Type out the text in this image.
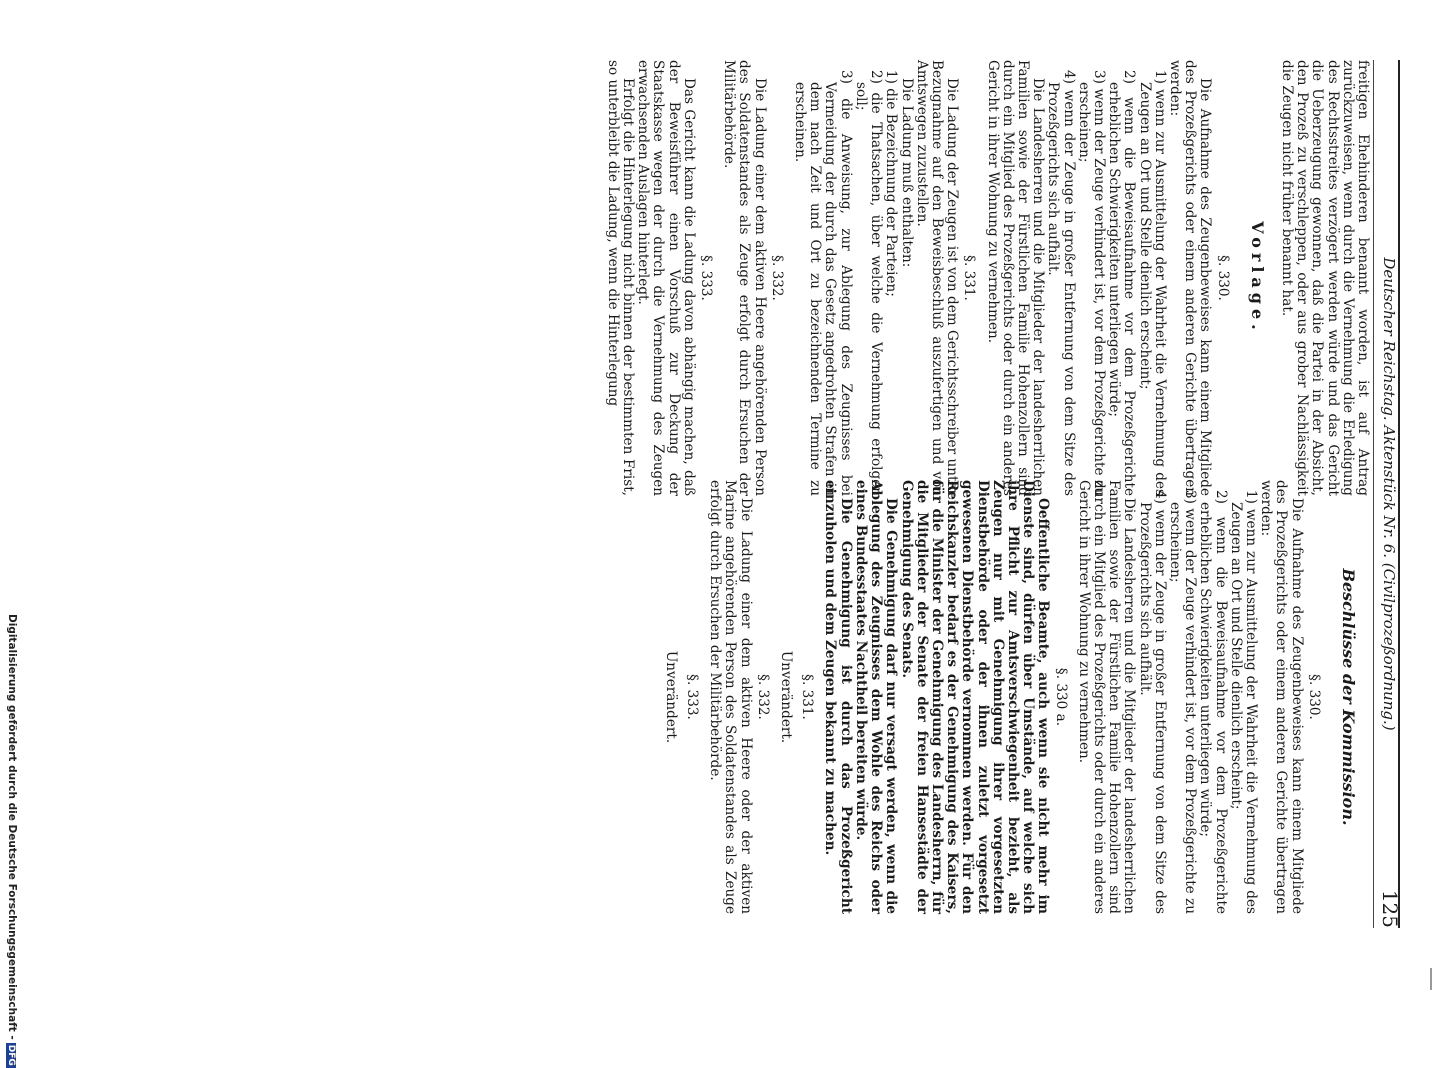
Deutscher Reichstag. Aktenstück Nr. 6. (Civilprozeßordnung.)
125

freitigen Ehehinderen benannt worden, ist auf Antrag zurückzuweisen, wenn durch die Vernehmung die Erledigung des Rechtsstreites verzögert werden würde und das Gericht die Ueberzeugung gewonnen, daß die Partei in der Absicht, den Prozeß zu verschleppen, oder aus grober Nachlässigkeit die Zeugen nicht früher benannt hat.

Vorlage.

§. 330.

Die Aufnahme des Zeugenbeweises kann einem Mitgliede des Prozeßgerichts oder einem anderen Gerichte übertragen werden:

1) wenn zur Ausmittelung der Wahrheit die Vernehmung des Zeugen an Ort und Stelle dienlich erscheint;

2) wenn die Beweisaufnahme vor dem Prozeßgerichte erheblichen Schwierigkeiten unterliegen würde;

3) wenn der Zeuge verhindert ist, vor dem Prozeßgerichte zu erscheinen;

4) wenn der Zeuge in großer Entfernung von dem Sitze des Prozeßgerichts sich aufhält.

Die Landesherren und die Mitglieder der landesherrlichen Familien sowie der Fürstlichen Familie Hohenzollern sind durch ein Mitglied des Prozeßgerichts oder durch ein anderes Gericht in ihrer Wohnung zu vernehmen.

§. 331.

Die Ladung der Zeugen ist von dem Gerichtsschreiber unter Bezugnahme auf den Beweisbeschluß auszufertigen und von Amtswegen zuzustellen.

Die Ladung muß enthalten:

1) die Bezeichnung der Parteien;

2) die Thatsachen, über welche die Vernehmung erfolgen soll;

3) die Anweisung, zur Ablegung des Zeugnisses bei Vermeidung der durch das Gesetz angedrohten Strafen in dem nach Zeit und Ort zu bezeichnenden Termine zu erscheinen.

§. 332.

Die Ladung einer dem aktiven Heere angehörenden Person des Soldatenstandes als Zeuge erfolgt durch Ersuchen der Militärbehörde.

§. 333.

Das Gericht kann die Ladung davon abhängig machen, daß der Beweisführer einen Vorschuß zur Deckung der Staatskasse wegen der durch die Vernehmung des Zeugen erwachsenden Auslagen hinterlegt.

Erfolgt die Hinterlegung nicht binnen der bestimmten Frist, so unterbleibt die Ladung, wenn die Hinterlegung

Beschlüsse der Kommission.

§. 330.

Die Aufnahme des Zeugenbeweises kann einem Mitgliede des Prozeßgerichts oder einem anderen Gerichte übertragen werden:

1) wenn zur Ausmittelung der Wahrheit die Vernehmung des Zeugen an Ort und Stelle dienlich erscheint;

2) wenn die Beweisaufnahme vor dem Prozeßgerichte erheblichen Schwierigkeiten unterliegen würde;

3) wenn der Zeuge verhindert ist, vor dem Prozeßgerichte zu erscheinen;

4) wenn der Zeuge in großer Entfernung von dem Sitze des Prozeßgerichts sich aufhält.

Die Landesherren und die Mitglieder der landesherrlichen Familien sowie der Fürstlichen Familie Hohenzollern sind durch ein Mitglied des Prozeßgerichts oder durch ein anderes Gericht in ihrer Wohnung zu vernehmen.

§. 330 a.

Oeffentliche Beamte, auch wenn sie nicht mehr im Dienste sind, dürfen über Umstände, auf welche sich ihre Pflicht zur Amtsverschwiegenheit bezieht, als Zeugen nur mit Genehmigung ihrer vorgesetzten Dienstbehörde oder der ihnen zuletzt vorgesetzt gewesenen Dienstbehörde vernommen werden. Für den Reichskanzler bedarf es der Genehmigung des Kaisers, für die Minister der Genehmigung des Landesherrn, für die Mitglieder der Senate der freien Hansestädte der Genehmigung des Senats.

Die Genehmigung darf nur versagt werden, wenn die Ablegung des Zeugnisses dem Wohle des Reichs oder eines Bundesstaates Nachtheil bereiten würde.

Die Genehmigung ist durch das Prozeßgericht einzuholen und dem Zeugen bekannt zu machen.

§. 331.

Unverändert.

§. 332.

Die Ladung einer dem aktiven Heere oder der aktiven Marine angehörenden Person des Soldatenstandes als Zeuge erfolgt durch Ersuchen der Militärbehörde.

§. 333.

Unverändert.

Digitalisierung gefördert durch die Deutsche Forschungsgemeinschaft -DFG
